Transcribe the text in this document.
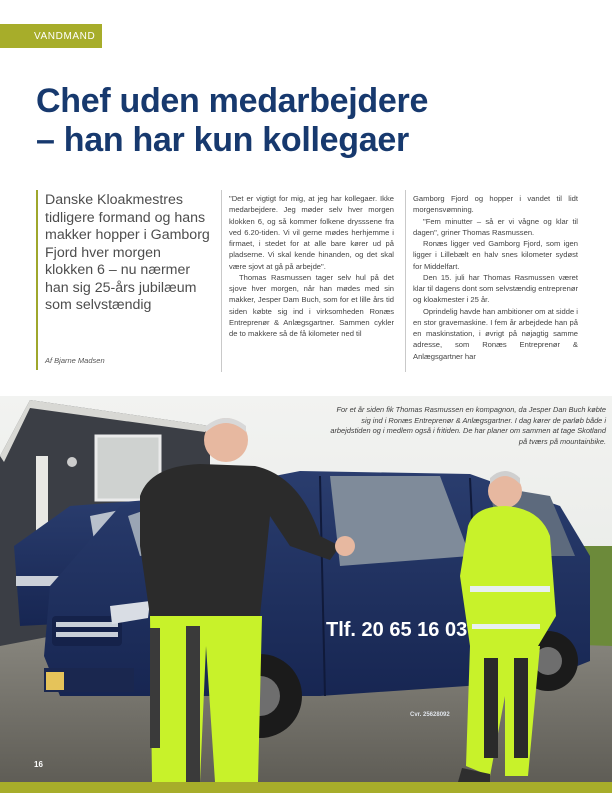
VANDMAND
Chef uden medarbejdere
– han har kun kollegaer
Danske Kloakmestres tidligere formand og hans makker hopper i Gamborg Fjord hver morgen klokken 6 – nu nærmer han sig 25-års jubilæum som selvstændig
Af Bjarne Madsen

"Det er vigtigt for mig, at jeg har kollegaer. Ikke medarbejdere. Jeg møder selv hver morgen klokken 6, og så kommer folkene drysssene fra ved 6.20-tiden. Vi vil gerne mødes herhjemme i firmaet, i stedet for at alle bare kører ud på pladserne. Vi skal kende hinanden, og det skal være sjovt at gå på arbejde".

Thomas Rasmussen tager selv hul på det sjove hver morgen, når han mødes med sin makker, Jesper Dam Buch, som for et lille års tid siden købte sig ind i virksomheden Ronæs Entreprenør & Anlægsgartner. Sammen cykler de to makkere så de få kilometer ned til

Gamborg Fjord og hopper i vandet til lidt morgensvømning.

"Fem minutter – så er vi vågne og klar til dagen", griner Thomas Rasmussen.

Ronæs ligger ved Gamborg Fjord, som igen ligger i Lillebælt en halv snes kilometer sydøst for Middelfart.

Den 15. juli har Thomas Rasmussen været klar til dagens dont som selvstændig entreprenør og kloakmester i 25 år.

Oprindelig havde han ambitioner om at sidde i en stor gravemaskine. I fem år arbejdede han på en maskinstation, i øvrigt på nøjagtig samme adresse, som Ronæs Entreprenør & Anlægsgartner har

Tlf. 20 65 16 03
Cvr. 25628092
For et år siden fik Thomas Rasmussen en kompagnon, da Jesper Dan Buch købte sig ind i Ronæs Entreprenør & Anlægsgartner. I dag kører de parløb både i arbejdstiden og i medlem også i fritiden. De har planer om sammen at tage Skotland på tværs på mountainbike.
16
